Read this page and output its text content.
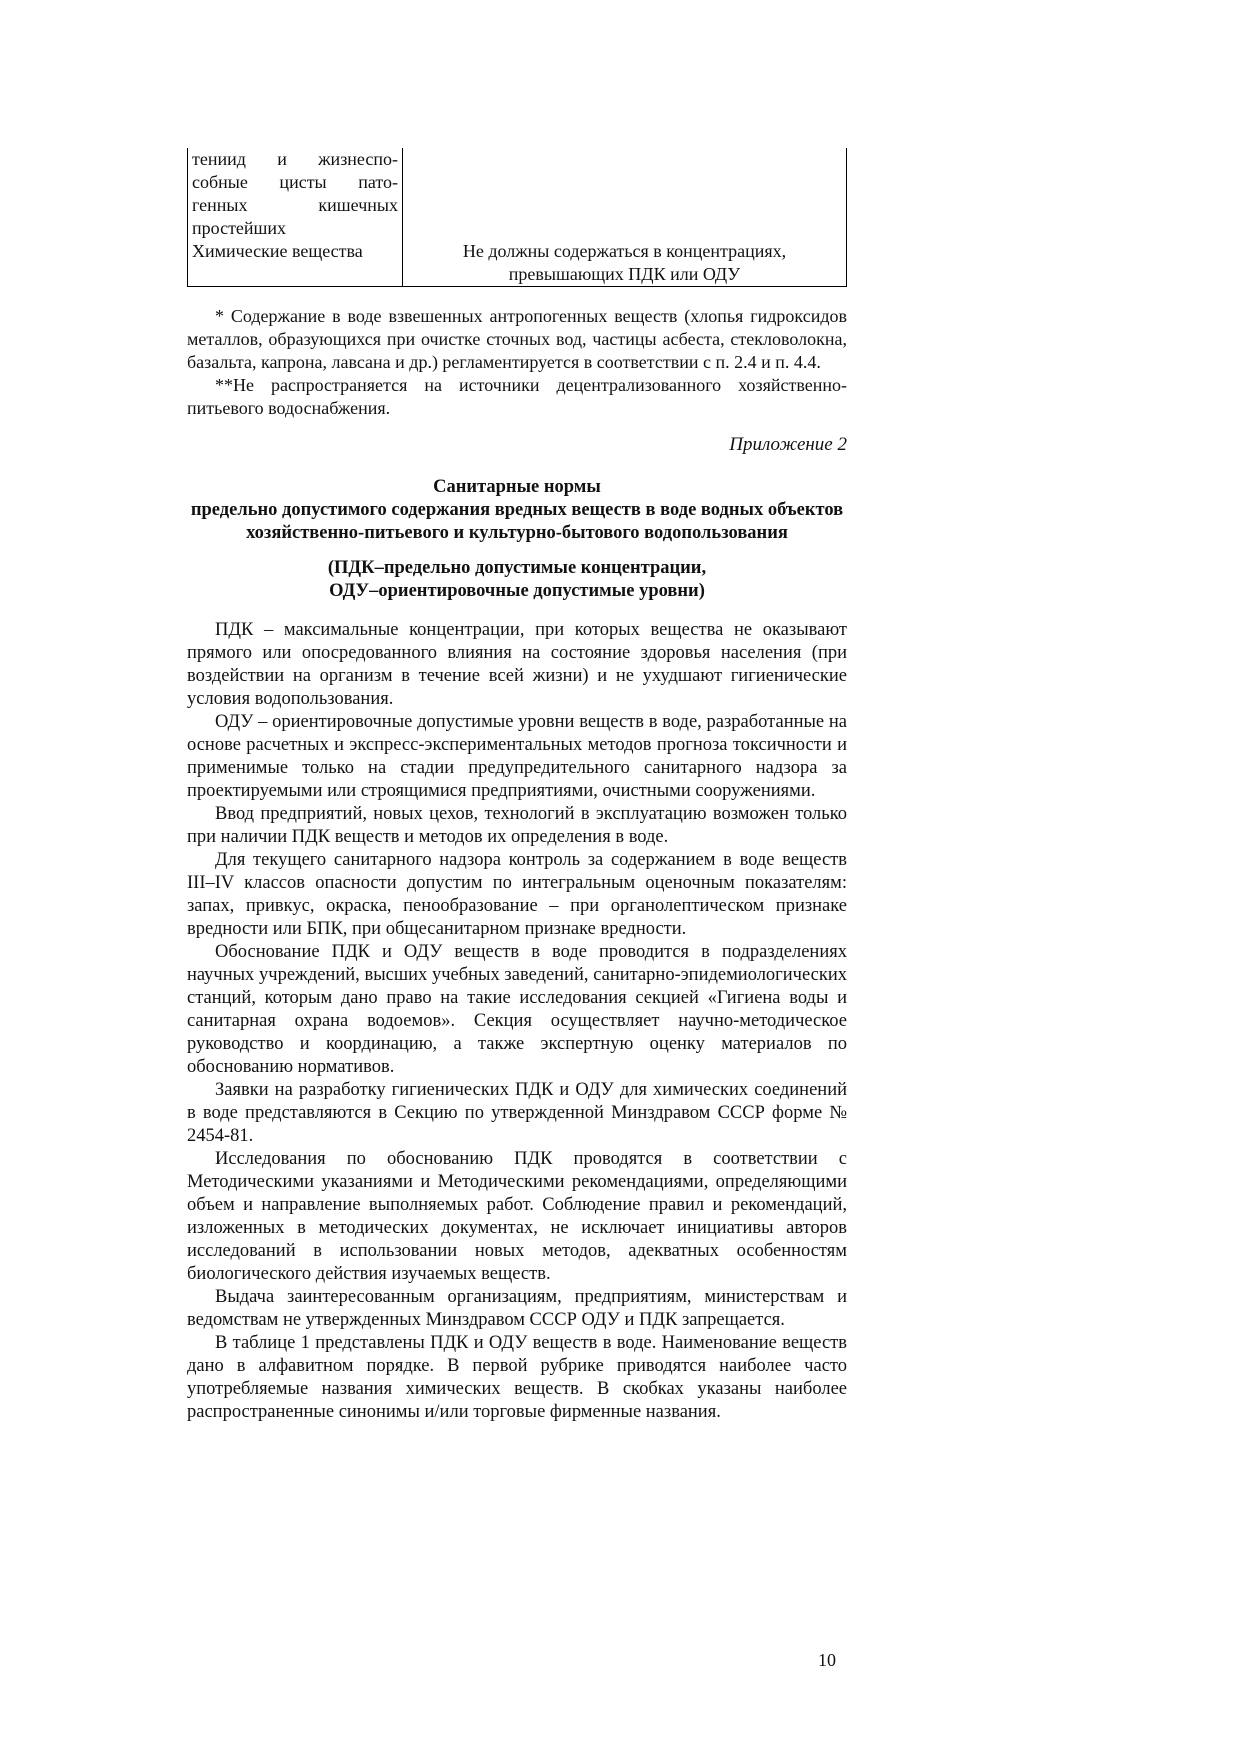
тениид и жизнеспо-собные цисты пато-генных кишечных простейших	
Химические вещества	Не должны содержаться в концентрациях, превышающих ПДК или ОДУ

* Содержание в воде взвешенных антропогенных веществ (хлопья гидроксидов металлов, образующихся при очистке сточных вод, частицы асбеста, стекловолокна, базальта, капрона, лавсана и др.) регламентируется в соответствии с п. 2.4 и п. 4.4.

**Не распространяется на источники децентрализованного хозяйственно-питьевого водоснабжения.

Приложение 2
Санитарные нормы
предельно допустимого содержания вредных веществ в воде водных объектов хозяйственно-питьевого и культурно-бытового водопользования
(ПДК–предельно допустимые концентрации,
ОДУ–ориентировочные допустимые уровни)

ПДК – максимальные концентрации, при которых вещества не оказывают прямого или опосредованного влияния на состояние здоровья населения (при воздействии на организм в течение всей жизни) и не ухудшают гигиенические условия водопользования.

ОДУ – ориентировочные допустимые уровни веществ в воде, разработанные на основе расчетных и экспресс-экспериментальных методов прогноза токсичности и применимые только на стадии предупредительного санитарного надзора за проектируемыми или строящимися предприятиями, очистными сооружениями.

Ввод предприятий, новых цехов, технологий в эксплуатацию возможен только при наличии ПДК веществ и методов их определения в воде.

Для текущего санитарного надзора контроль за содержанием в воде веществ III–IV классов опасности допустим по интегральным оценочным показателям: запах, привкус, окраска, пенообразование – при органолептическом признаке вредности или БПК, при общесанитарном признаке вредности.

Обоснование ПДК и ОДУ веществ в воде проводится в подразделениях научных учреждений, высших учебных заведений, санитарно-эпидемиологических станций, которым дано право на такие исследования секцией «Гигиена воды и санитарная охрана водоемов». Секция осуществляет научно-методическое руководство и координацию, а также экспертную оценку материалов по обоснованию нормативов.

Заявки на разработку гигиенических ПДК и ОДУ для химических соединений в воде представляются в Секцию по утвержденной Минздравом СССР форме № 2454-81.

Исследования по обоснованию ПДК проводятся в соответствии с Методическими указаниями и Методическими рекомендациями, определяющими объем и направление выполняемых работ. Соблюдение правил и рекомендаций, изложенных в методических документах, не исключает инициативы авторов исследований в использовании новых методов, адекватных особенностям биологического действия изучаемых веществ.

Выдача заинтересованным организациям, предприятиям, министерствам и ведомствам не утвержденных Минздравом СССР ОДУ и ПДК запрещается.

В таблице 1 представлены ПДК и ОДУ веществ в воде. Наименование веществ дано в алфавитном порядке. В первой рубрике приводятся наиболее часто употребляемые названия химических веществ. В скобках указаны наиболее распространенные синонимы и/или торговые фирменные названия.

10
